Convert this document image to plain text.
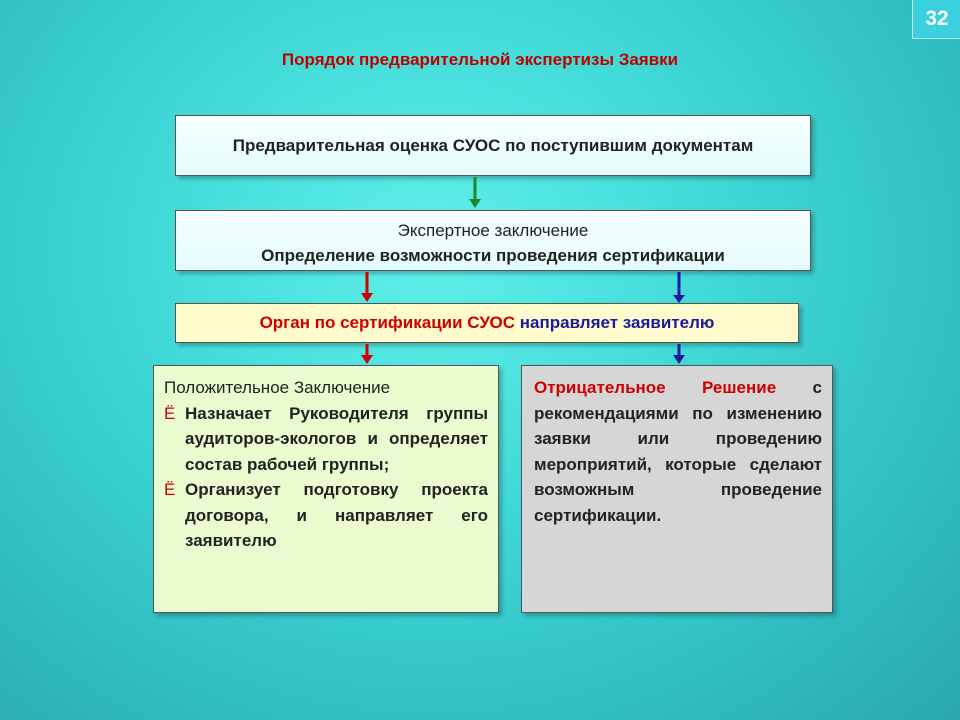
32
Порядок предварительной экспертизы Заявки
Предварительная оценка СУОС по поступившим документам
Экспертное заключение
Определение возможности проведения сертификации
Орган по сертификации СУОС
направляет заявителю
Положительное Заключение
Ё Назначает Руководителя группы аудиторов-экологов и определяет состав рабочей группы;
Ё Организует подготовку проекта договора, и направляет его заявителю
Отрицательное Решение с рекомендациями по изменению заявки или проведению мероприятий, которые сделают возможным проведение сертификации.
